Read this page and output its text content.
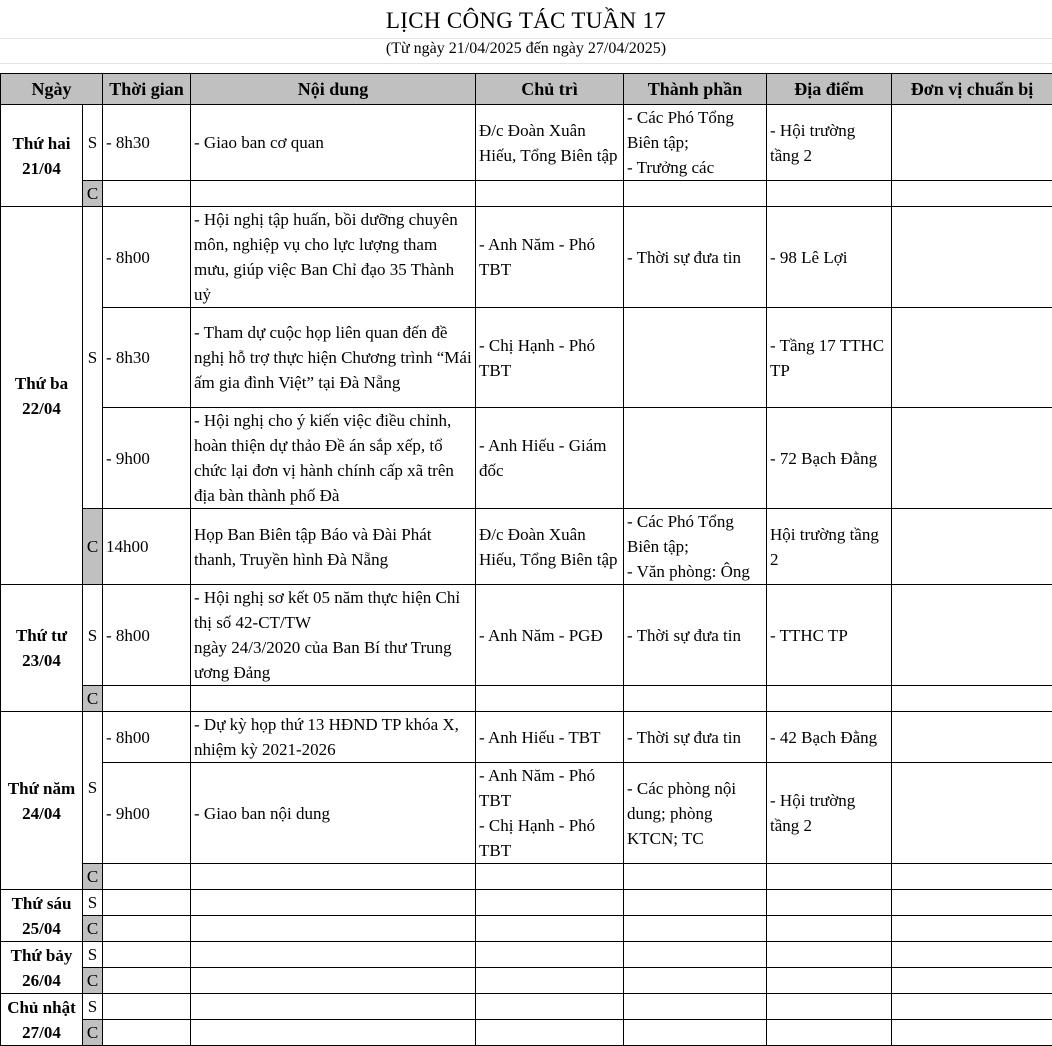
LỊCH CÔNG TÁC TUẦN 17
(Từ ngày 21/04/2025 đến ngày 27/04/2025)
Ngày		Thời gian	Nội dung	Chủ trì	Thành phần	Địa điểm	Đơn vị chuẩn bị
Thứ hai
21/04	S	- 8h30	- Giao ban cơ quan	Đ/c Đoàn Xuân Hiếu, Tổng Biên tập	- Các Phó Tổng Biên tập;
- Trưởng các	- Hội trường tầng 2	
	C						
Thứ ba
22/04	S	- 8h00	- Hội nghị tập huấn, bồi dưỡng chuyên môn, nghiệp vụ cho lực lượng tham mưu, giúp việc Ban Chỉ đạo 35 Thành uỷ	- Anh Năm - Phó TBT	- Thời sự đưa tin	- 98 Lê Lợi	
		- 8h30	- Tham dự cuộc họp liên quan đến đề nghị hỗ trợ thực hiện Chương trình “Mái ấm gia đình Việt” tại Đà Nẵng	- Chị Hạnh - Phó TBT		- Tầng 17 TTHC TP	
		- 9h00	- Hội nghị cho ý kiến việc điều chỉnh, hoàn thiện dự thảo Đề án sắp xếp, tổ chức lại đơn vị hành chính cấp xã trên địa bàn thành phố Đà	- Anh Hiếu - Giám đốc		- 72 Bạch Đằng	
	C	14h00	Họp Ban Biên tập Báo và Đài Phát thanh, Truyền hình Đà Nẵng	Đ/c Đoàn Xuân Hiếu, Tổng Biên tập	- Các Phó Tổng Biên tập;
- Văn phòng: Ông	Hội trường tầng 2	
Thứ tư
23/04	S	- 8h00	- Hội nghị sơ kết 05 năm thực hiện Chỉ thị số 42-CT/TW
ngày 24/3/2020 của Ban Bí thư Trung ương Đảng	- Anh Năm - PGĐ	- Thời sự đưa tin	- TTHC TP	
	C						
Thứ năm
24/04	S	- 8h00	- Dự kỳ họp thứ 13 HĐND TP khóa X, nhiệm kỳ 2021-2026	- Anh Hiếu - TBT	- Thời sự đưa tin	- 42 Bạch Đằng	
		- 9h00	- Giao ban nội dung	- Anh Năm - Phó TBT
- Chị Hạnh - Phó TBT	- Các phòng nội dung; phòng KTCN; TC	- Hội trường tầng 2	
	C						
Thứ sáu
25/04	S						
	C						
Thứ bảy
26/04	S						
	C						
Chủ nhật
27/04	S						
	C						
